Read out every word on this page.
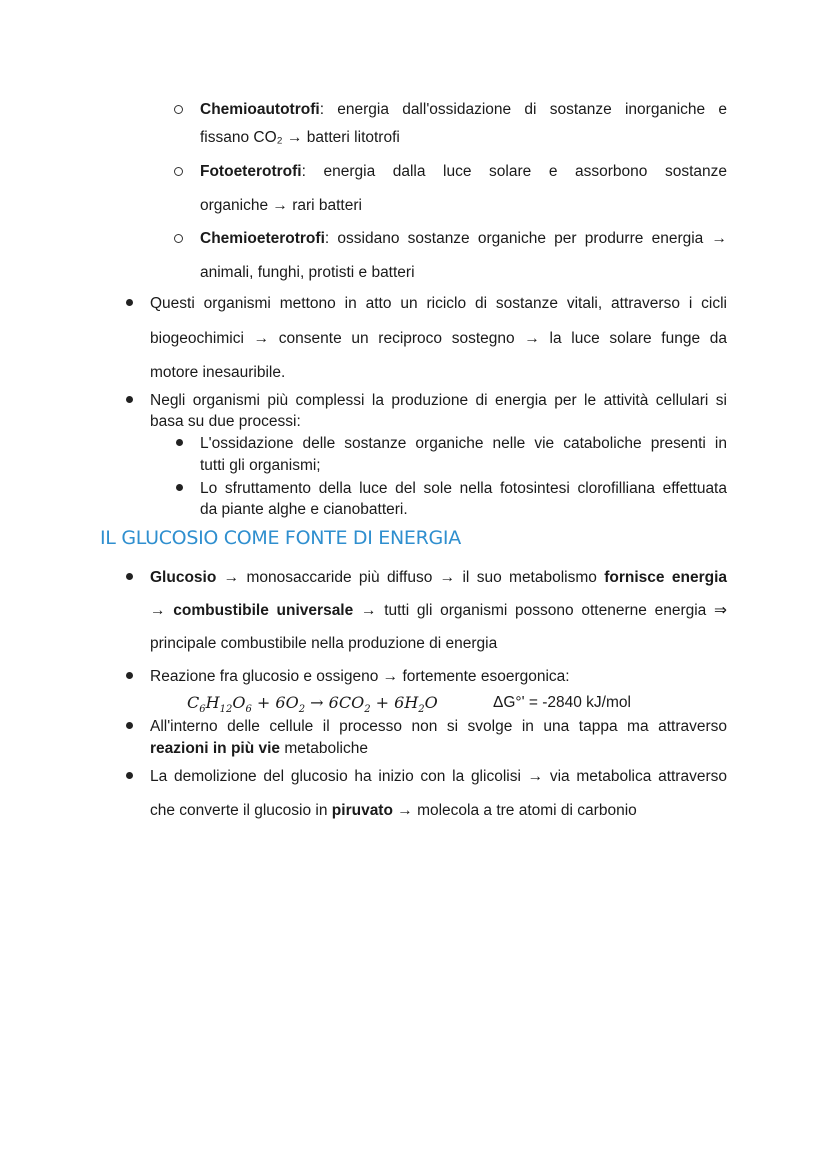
Chemioautotrofi: energia dall'ossidazione di sostanze inorganiche e
fissano CO₂ → batteri litotrofi
Fotoeterotrofi: energia dalla luce solare e assorbono sostanze
organiche → rari batteri
Chemioeterotrofi: ossidano sostanze organiche per produrre energia →
animali, funghi, protisti e batteri
Questi organismi mettono in atto un riciclo di sostanze vitali, attraverso i cicli
biogeochimici → consente un reciproco sostegno → la luce solare funge da
motore inesauribile.
Negli organismi più complessi la produzione di energia per le attività cellulari si
basa su due processi:
L'ossidazione delle sostanze organiche nelle vie cataboliche presenti in
tutti gli organismi;
Lo sfruttamento della luce del sole nella fotosintesi clorofilliana effettuata
da piante alghe e cianobatteri.
IL GLUCOSIO COME FONTE DI ENERGIA
Glucosio → monosaccaride più diffuso → il suo metabolismo fornisce energia
→ combustibile universale → tutti gli organismi possono ottenerne energia ⇒
principale combustibile nella produzione di energia
Reazione fra glucosio e ossigeno → fortemente esoergonica:
$C_6H_{12}O_6 + 6O_2 \to 6CO_2 + 6H_2O$	ΔG°' = -2840 kJ/mol
All'interno delle cellule il processo non si svolge in una tappa ma attraverso
reazioni in più vie metaboliche
La demolizione del glucosio ha inizio con la glicolisi → via metabolica attraverso
che converte il glucosio in piruvato → molecola a tre atomi di carbonio
